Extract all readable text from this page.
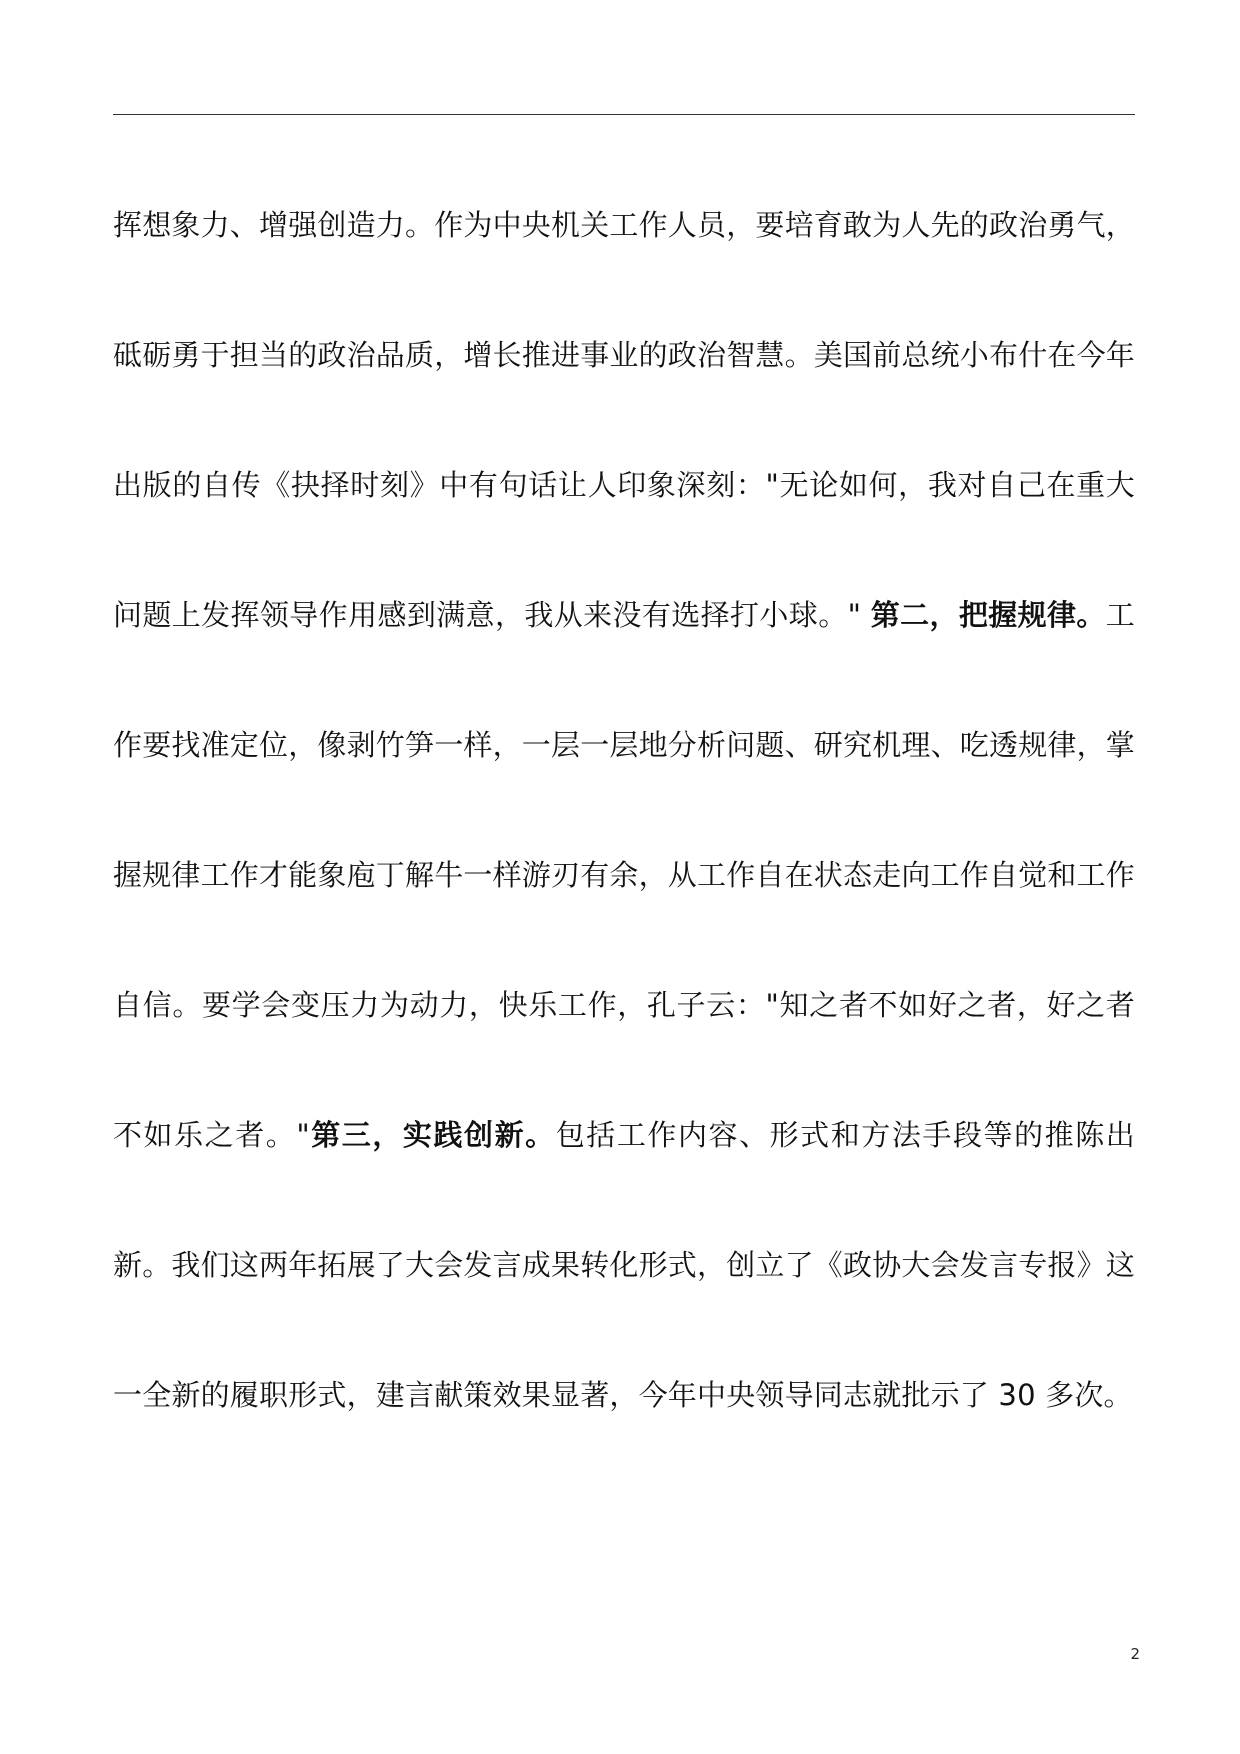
挥想象力、增强创造力。作为中央机关工作人员，要培育敢为人先的政治勇气，砥砺勇于担当的政治品质，增长推进事业的政治智慧。美国前总统小布什在今年出版的自传《抉择时刻》中有句话让人印象深刻："无论如何，我对自己在重大问题上发挥领导作用感到满意，我从来没有选择打小球。" 第二，把握规律。工作要找准定位，像剥竹笋一样，一层一层地分析问题、研究机理、吃透规律，掌握规律工作才能象庖丁解牛一样游刃有余，从工作自在状态走向工作自觉和工作自信。要学会变压力为动力，快乐工作，孔子云："知之者不如好之者，好之者不如乐之者。"第三，实践创新。包括工作内容、形式和方法手段等的推陈出新。我们这两年拓展了大会发言成果转化形式，创立了《政协大会发言专报》这一全新的履职形式，建言献策效果显著，今年中央领导同志就批示了 30 多次。

2
